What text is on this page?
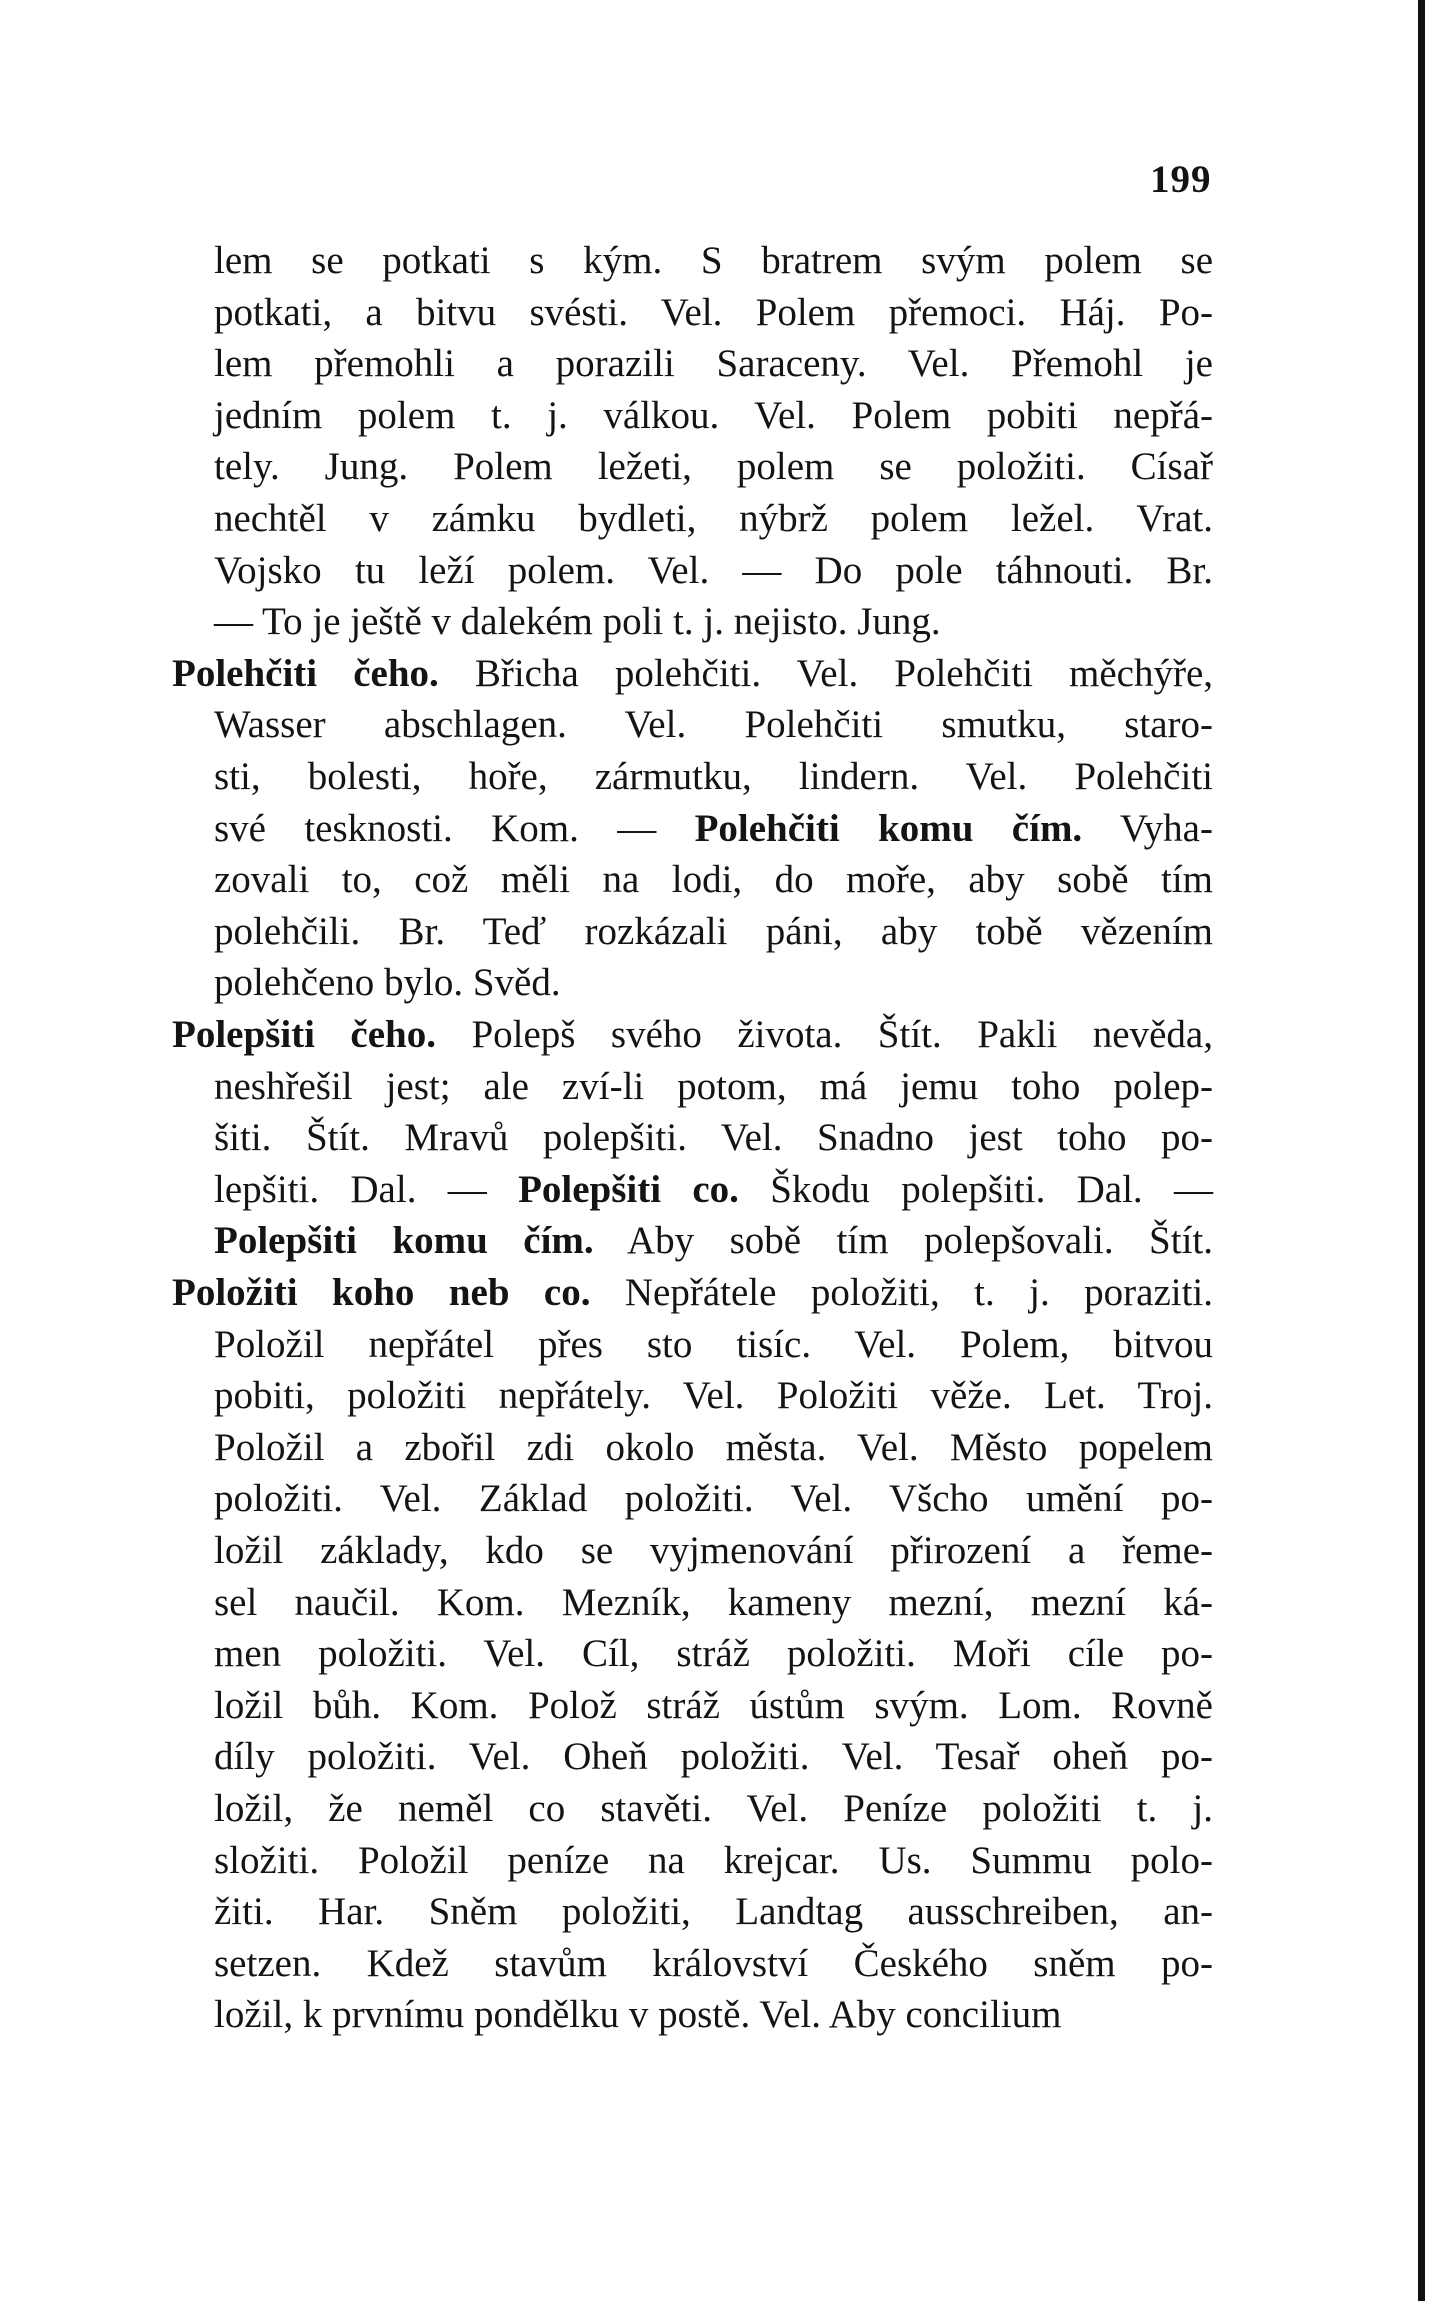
199
lem se potkati s kým. S bratrem svým polem se
potkati, a bitvu svésti. Vel. Polem přemoci. Háj. Po-
lem přemohli a porazili Saraceny. Vel. Přemohl je
jedním polem t. j. válkou. Vel. Polem pobiti nepřá-
tely. Jung. Polem ležeti, polem se položiti. Císař
nechtěl v zámku bydleti, nýbrž polem ležel. Vrat.
Vojsko tu leží polem. Vel. — Do pole táhnouti. Br.
— To je ještě v dalekém poli t. j. nejisto. Jung.
Polehčiti čeho. Břicha polehčiti. Vel. Polehčiti měchýře,
Wasser abschlagen. Vel. Polehčiti smutku, staro-
sti, bolesti, hoře, zármutku, lindern. Vel. Polehčiti
své tesknosti. Kom. — Polehčiti komu čím. Vyha-
zovali to, což měli na lodi, do moře, aby sobě tím
polehčili. Br. Teď rozkázali páni, aby tobě vězením
polehčeno bylo. Svěd.
Polepšiti čeho. Polepš svého života. Štít. Pakli nevěda,
neshřešil jest; ale zví-li potom, má jemu toho polep-
šiti. Štít. Mravů polepšiti. Vel. Snadno jest toho po-
lepšiti. Dal. — Polepšiti co. Škodu polepšiti. Dal. —
Polepšiti komu čím. Aby sobě tím polepšovali. Štít.
Položiti koho neb co. Nepřátele položiti, t. j. poraziti.
Položil nepřátel přes sto tisíc. Vel. Polem, bitvou
pobiti, položiti nepřátely. Vel. Položiti věže. Let. Troj.
Položil a zbořil zdi okolo města. Vel. Město popelem
položiti. Vel. Základ položiti. Vel. Všcho umění po-
ložil základy, kdo se vyjmenování přirození a řeme-
sel naučil. Kom. Mezník, kameny mezní, mezní ká-
men položiti. Vel. Cíl, stráž položiti. Moři cíle po-
ložil bůh. Kom. Polož stráž ústům svým. Lom. Rovně
díly položiti. Vel. Oheň položiti. Vel. Tesař oheň po-
ložil, že neměl co stavěti. Vel. Peníze položiti t. j.
složiti. Položil peníze na krejcar. Us. Summu polo-
žiti. Har. Sněm položiti, Landtag ausschreiben, an-
setzen. Kdež stavům království Českého sněm po-
ložil, k prvnímu pondělku v postě. Vel. Aby concilium
